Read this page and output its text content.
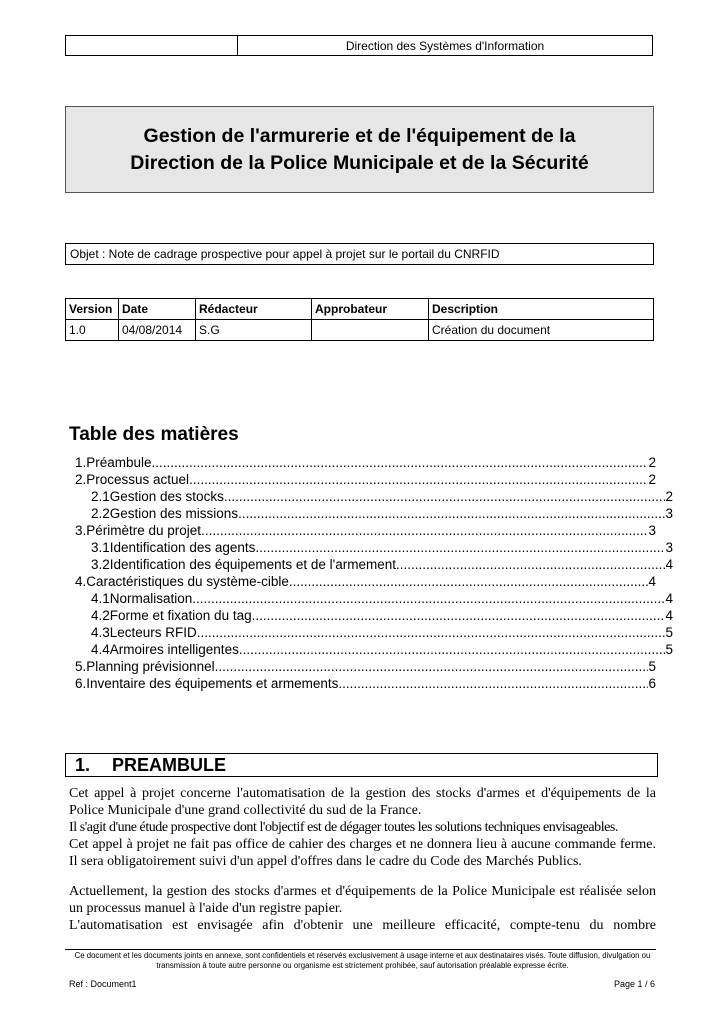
Direction des Systèmes d'Information
Gestion de l'armurerie et de l'équipement de la
Direction de la Police Municipale et de la Sécurité
Objet : Note de cadrage prospective pour appel à projet sur le portail du CNRFID
Version	Date	Rédacteur	Approbateur	Description
1.0	04/08/2014	S.G		Création du document
Table des matières
1.Préambule .....	2
2.Processus actuel .....	2
2.1Gestion des stocks .....	2
2.2Gestion des missions .....	3
3.Périmètre du projet .....	3
3.1Identification des agents .....	3
3.2Identification des équipements et de l'armement .....	4
4.Caractéristiques du système-cible .....	4
4.1Normalisation .....	4
4.2Forme et fixation du tag .....	4
4.3Lecteurs RFID .....	5
4.4Armoires intelligentes .....	5
5.Planning prévisionnel .....	5
6.Inventaire des équipements et armements .....	6
1. PREAMBULE
Cet appel à projet concerne l'automatisation de la gestion des stocks d'armes et d'équipements de la Police Municipale d'une grand collectivité du sud de la France.
Il s'agit d'une étude prospective dont l'objectif est de dégager toutes les solutions techniques envisageables.
Cet appel à projet ne fait pas office de cahier des charges et ne donnera lieu à aucune commande ferme. Il sera obligatoirement suivi d'un appel d'offres dans le cadre du Code des Marchés Publics.
Actuellement, la gestion des stocks d'armes et d'équipements de la Police Municipale est réalisée selon un processus manuel à l'aide d'un registre papier.
L'automatisation est envisagée afin d'obtenir une meilleure efficacité, compte-tenu du nombre
Ce document et les documents joints en annexe, sont confidentiels et réservés exclusivement à usage interne et aux destinataires visés. Toute diffusion, divulgation ou transmission à toute autre personne ou organisme est strictement prohibée, sauf autorisation préalable expresse écrite.
Ref : Document1	Page 1 / 6
